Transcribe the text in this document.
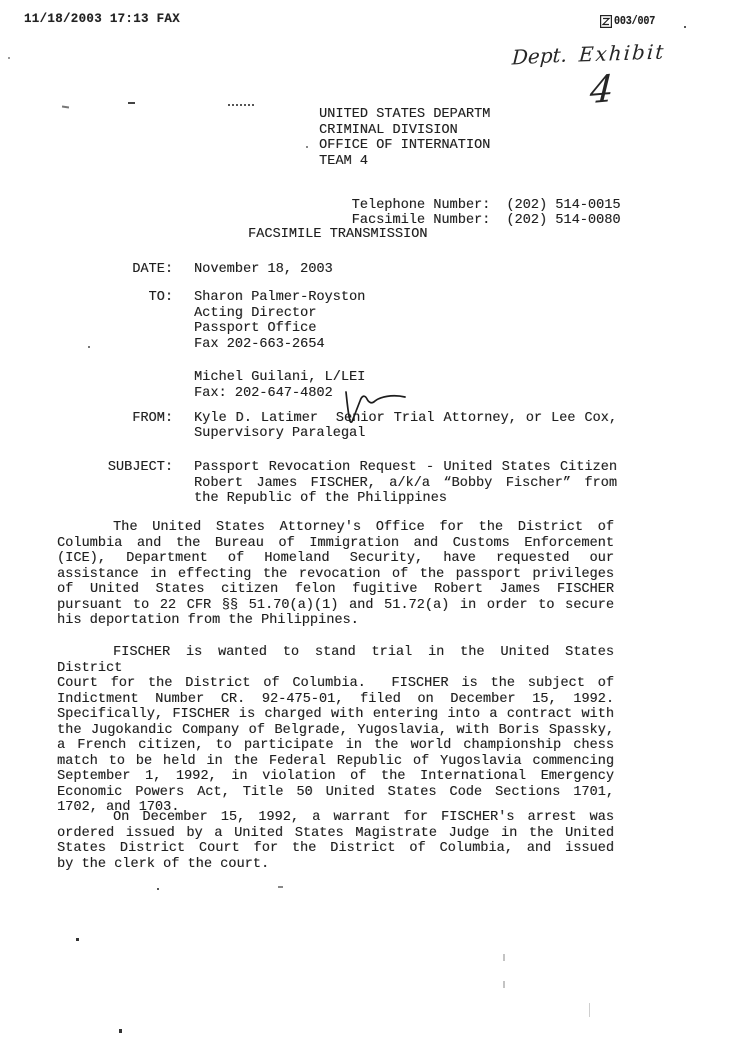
11/18/2003 17:13 FAX	003/007
Dept. Exhibit
4
UNITED STATES DEPARTM
CRIMINAL DIVISION
OFFICE OF INTERNATION
TEAM 4

Telephone Number: (202) 514-0015

Facsimile Number: (202) 514-0080

FACSIMILE TRANSMISSION
DATE:
TO:
FROM:
SUBJECT:
November 18, 2003
Sharon Palmer-Royston
Acting Director
Passport Office
Fax 202-663-2654
Michel Guilani, L/LEI
Fax: 202-647-4802
Kyle D. Latimer  Senior Trial Attorney, or Lee Cox,
Supervisory Paralegal
Passport Revocation Request - United States Citizen
Robert James FISCHER, a/k/a “Bobby Fischer” from
the Republic of the Philippines
The United States Attorney's Office for the District of
Columbia and the Bureau of Immigration and Customs Enforcement
(ICE), Department of Homeland Security, have requested our
assistance in effecting the revocation of the passport privileges
of United States citizen felon fugitive Robert James FISCHER
pursuant to 22 CFR §§ 51.70(a)(1) and 51.72(a) in order to secure
his deportation from the Philippines.
FISCHER is wanted to stand trial in the United States District
Court for the District of Columbia.  FISCHER is the subject of
Indictment Number CR. 92-475-01, filed on December 15, 1992.
Specifically, FISCHER is charged with entering into a contract with
the Jugokandic Company of Belgrade, Yugoslavia, with Boris Spassky,
a French citizen, to participate in the world championship chess
match to be held in the Federal Republic of Yugoslavia commencing
September 1, 1992, in violation of the International Emergency
Economic Powers Act, Title 50 United States Code Sections 1701,
1702, and 1703.
On December 15, 1992, a warrant for FISCHER's arrest was
ordered issued by a United States Magistrate Judge in the United
States District Court for the District of Columbia, and issued
by the clerk of the court.
